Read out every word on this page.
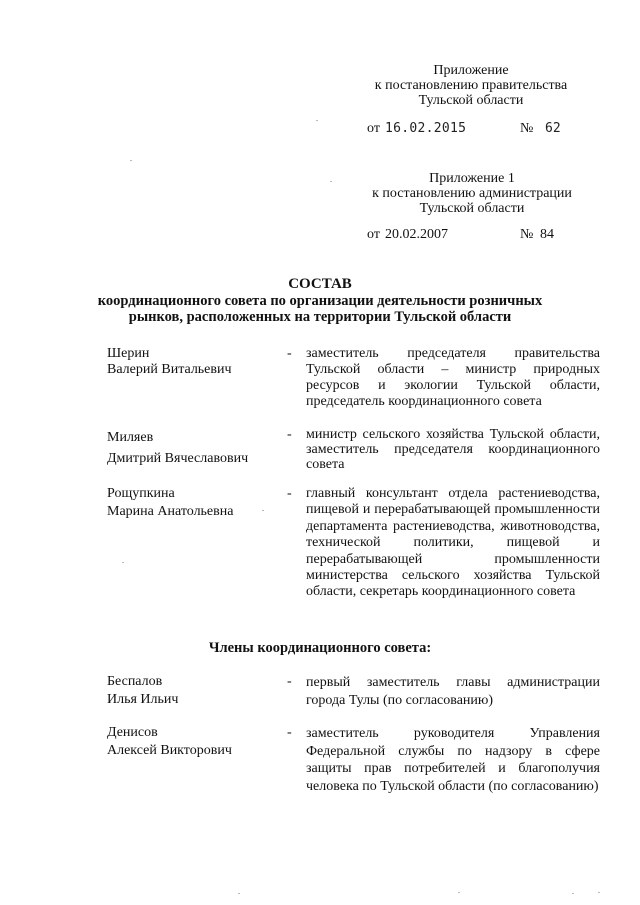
Приложение
к постановлению правительства
Тульской области
от 16.02.2015	№ 62
Приложение 1
к постановлению администрации
Тульской области
от 20.02.2007	№ 84
СОСТАВ
координационного совета по организации деятельности розничных
рынков, расположенных на территории Тульской области
Шерин
Валерий Витальевич
- заместитель председателя правительства Тульской области – министр природных ресурсов и экологии Тульской области, председатель координационного совета
Миляев
Дмитрий Вячеславович
- министр сельского хозяйства Тульской области, заместитель председателя координационного совета
Рощупкина
Марина Анатольевна
- главный консультант отдела растениеводства, пищевой и перерабатывающей промышленности департамента растениеводства, животноводства, технической политики, пищевой и перерабатывающей промышленности министерства сельского хозяйства Тульской области, секретарь координационного совета
Члены координационного совета:
Беспалов
Илья Ильич
- первый заместитель главы администрации города Тулы (по согласованию)
Денисов
Алексей Викторович
- заместитель руководителя Управления Федеральной службы по надзору в сфере защиты прав потребителей и благополучия человека по Тульской области (по согласованию)
